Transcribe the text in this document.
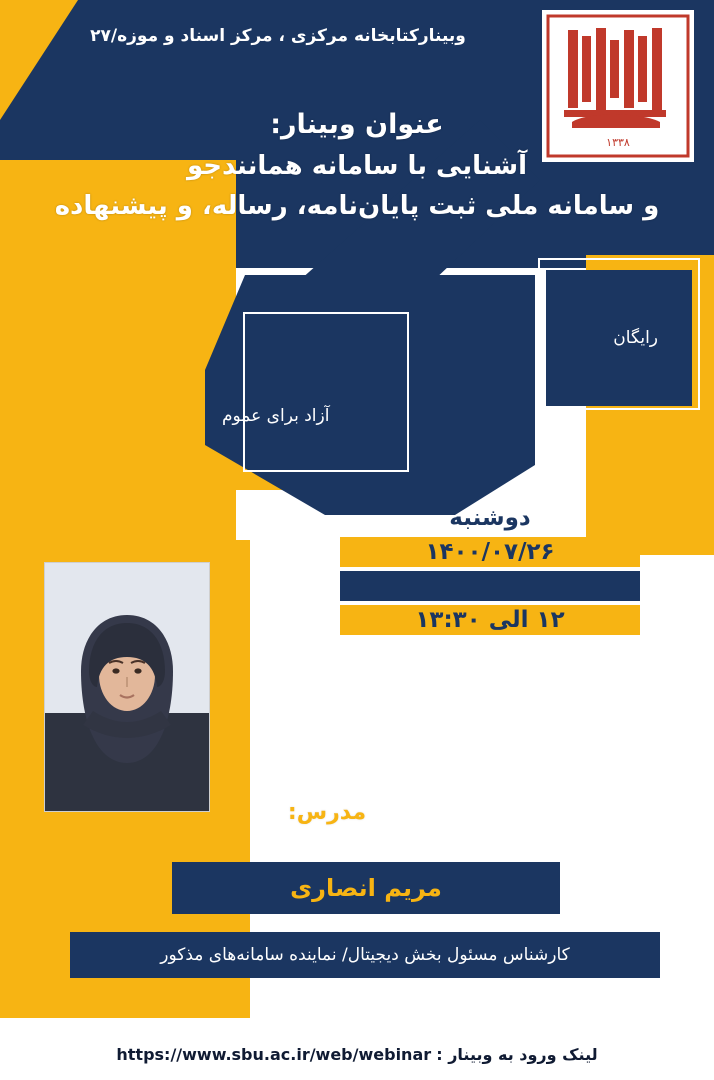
۱۳۳۸
وبینارکتابخانه مرکزی ، مرکز اسناد و موزه/۲۷
عنوان وبینار:
آشنایی با سامانه همانندجو
و سامانه ملی ثبت پایان‌نامه، رساله، و پیشنهاده
رایگان
آزاد برای عموم
دوشنبه
۱۴۰۰/۰۷/۲۶
۱۲ الی ۱۳:۳۰
مدرس:
مریم انصاری
کارشناس مسئول بخش دیجیتال/ نماینده سامانه‌های مذکور
لینک ورود به وبینار : https://www.sbu.ac.ir/web/webinar
